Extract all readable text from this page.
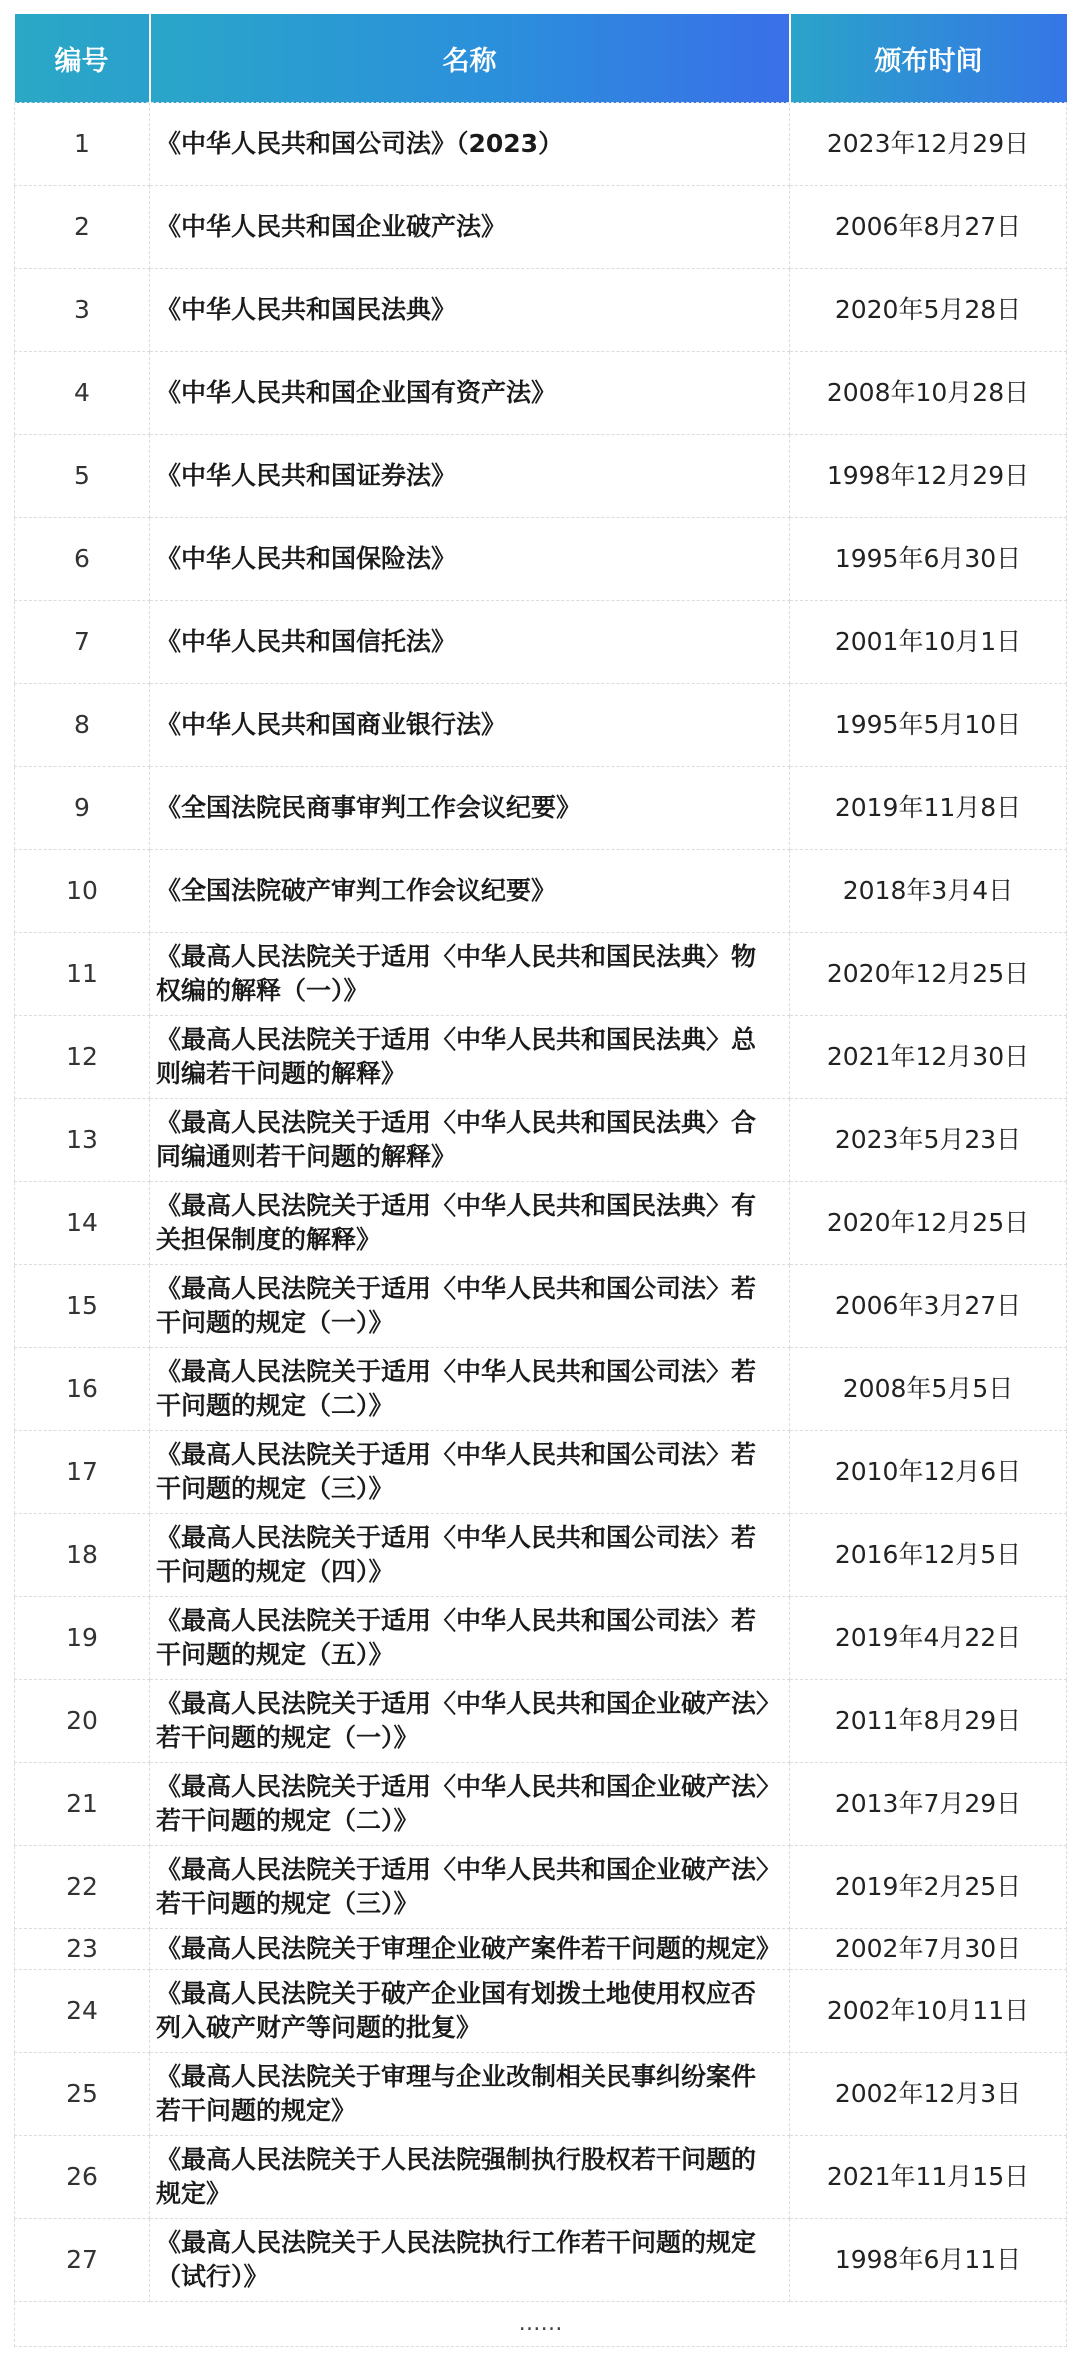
编号	名称	颁布时间
1	《中华人民共和国公司法》（2023）	2023年12月29日
2	《中华人民共和国企业破产法》	2006年8月27日
3	《中华人民共和国民法典》	2020年5月28日
4	《中华人民共和国企业国有资产法》	2008年10月28日
5	《中华人民共和国证券法》	1998年12月29日
6	《中华人民共和国保险法》	1995年6月30日
7	《中华人民共和国信托法》	2001年10月1日
8	《中华人民共和国商业银行法》	1995年5月10日
9	《全国法院民商事审判工作会议纪要》	2019年11月8日
10	《全国法院破产审判工作会议纪要》	2018年3月4日
11	《最高人民法院关于适用〈中华人民共和国民法典〉物权编的解释（一）》	2020年12月25日
12	《最高人民法院关于适用〈中华人民共和国民法典〉总则编若干问题的解释》	2021年12月30日
13	《最高人民法院关于适用〈中华人民共和国民法典〉合同编通则若干问题的解释》	2023年5月23日
14	《最高人民法院关于适用〈中华人民共和国民法典〉有关担保制度的解释》	2020年12月25日
15	《最高人民法院关于适用〈中华人民共和国公司法〉若干问题的规定（一）》	2006年3月27日
16	《最高人民法院关于适用〈中华人民共和国公司法〉若干问题的规定（二）》	2008年5月5日
17	《最高人民法院关于适用〈中华人民共和国公司法〉若干问题的规定（三）》	2010年12月6日
18	《最高人民法院关于适用〈中华人民共和国公司法〉若干问题的规定（四）》	2016年12月5日
19	《最高人民法院关于适用〈中华人民共和国公司法〉若干问题的规定（五）》	2019年4月22日
20	《最高人民法院关于适用〈中华人民共和国企业破产法〉若干问题的规定（一）》	2011年8月29日
21	《最高人民法院关于适用〈中华人民共和国企业破产法〉若干问题的规定（二）》	2013年7月29日
22	《最高人民法院关于适用〈中华人民共和国企业破产法〉若干问题的规定（三）》	2019年2月25日
23	《最高人民法院关于审理企业破产案件若干问题的规定》	2002年7月30日
24	《最高人民法院关于破产企业国有划拨土地使用权应否列入破产财产等问题的批复》	2002年10月11日
25	《最高人民法院关于审理与企业改制相关民事纠纷案件若干问题的规定》	2002年12月3日
26	《最高人民法院关于人民法院强制执行股权若干问题的规定》	2021年11月15日
27	《最高人民法院关于人民法院执行工作若干问题的规定（试行）》	1998年6月11日
……		
